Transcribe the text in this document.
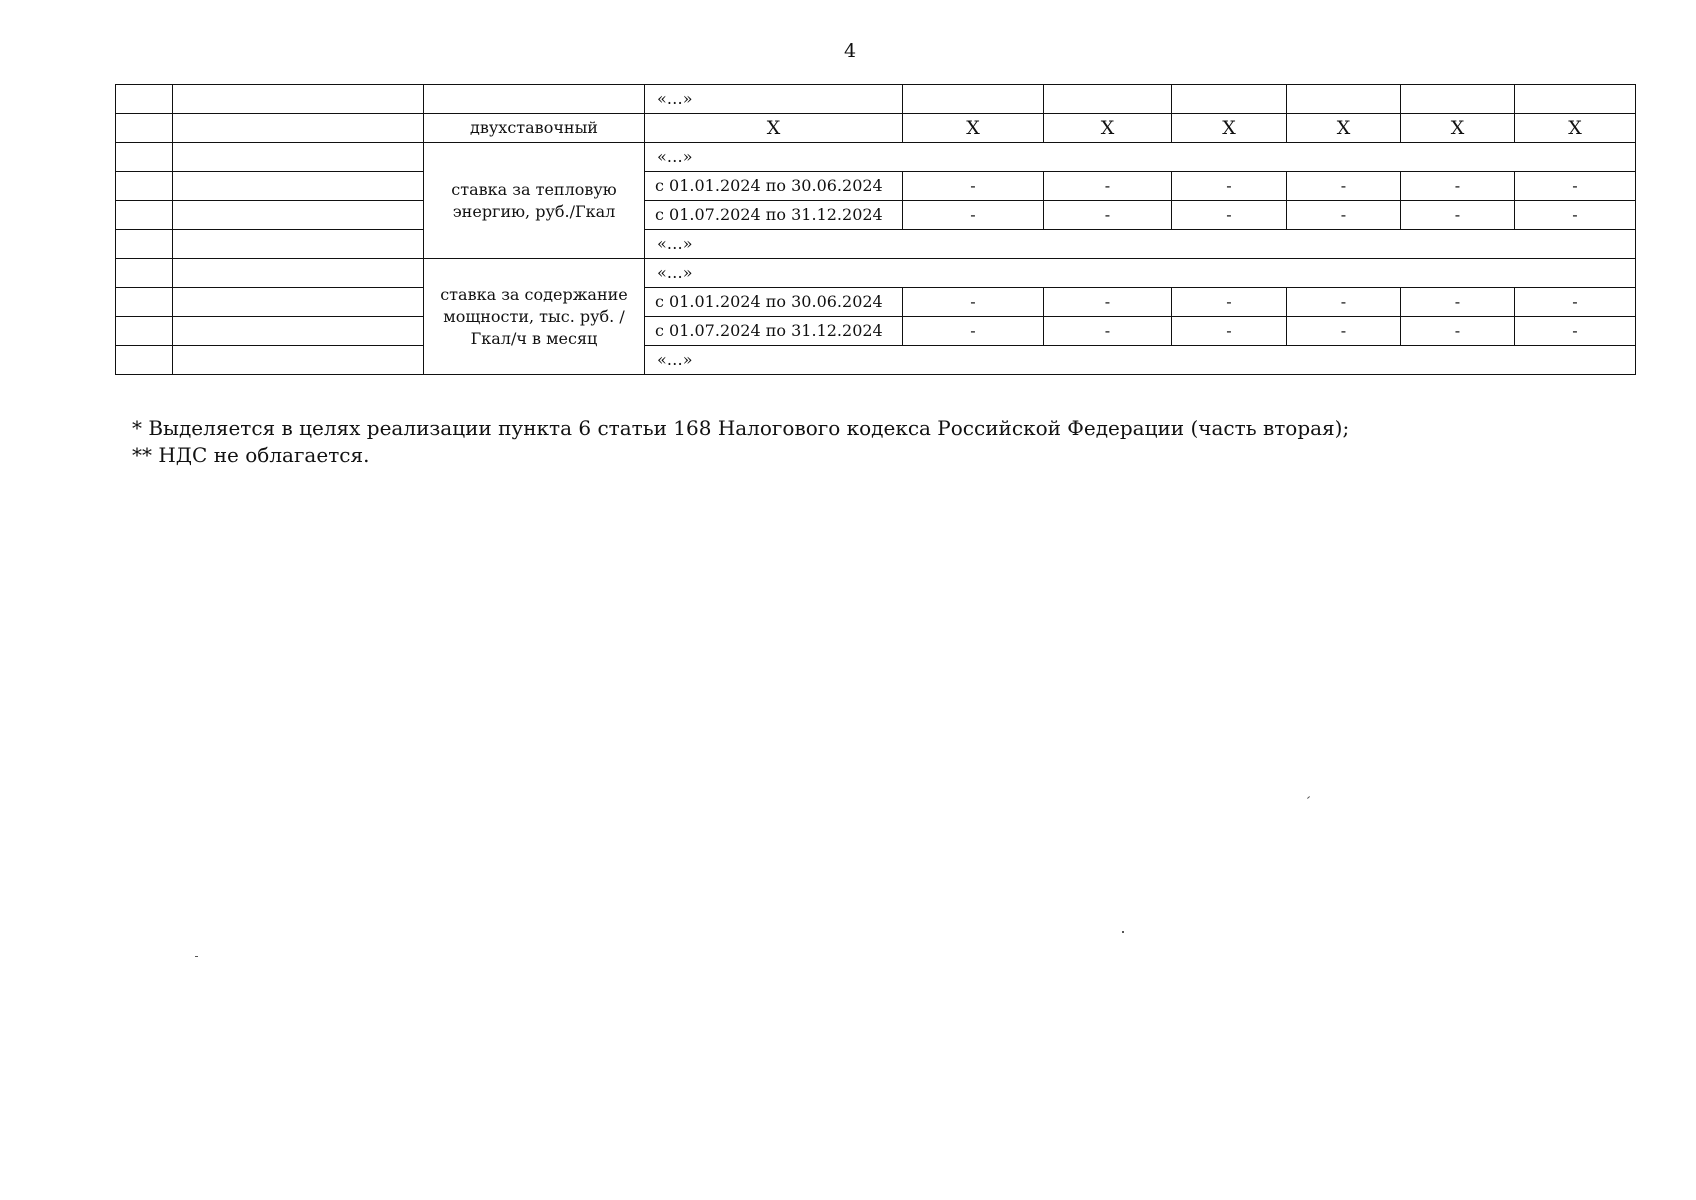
4
			«…»						
		двухставочный	X	X	X	X	X	X	X
		ставка за тепловую энергию, руб./Гкал	«…»						
			с 01.01.2024 по 30.06.2024	-	-	-	-	-	-
			с 01.07.2024 по 31.12.2024	-	-	-	-	-	-
			«…»						
		ставка за содержание мощности, тыс. руб. /Гкал/ч в месяц	«…»						
			с 01.01.2024 по 30.06.2024	-	-	-	-	-	-
			с 01.07.2024 по 31.12.2024	-	-	-	-	-	-
			«…»						
* Выделяется в целях реализации пункта 6 статьи 168 Налогового кодекса Российской Федерации (часть вторая);
** НДС не облагается.
